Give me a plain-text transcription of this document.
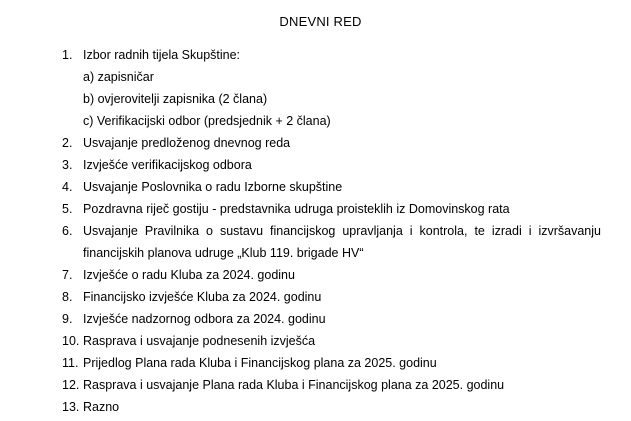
DNEVNI RED
1. Izbor radnih tijela Skupštine:
a) zapisničar
b) ovjerovitelji zapisnika (2 člana)
c) Verifikacijski odbor (predsjednik + 2 člana)
2. Usvajanje predloženog dnevnog reda
3. Izvješće verifikacijskog odbora
4. Usvajanje Poslovnika o radu Izborne skupštine
5. Pozdravna riječ gostiju - predstavnika udruga proisteklih iz Domovinskog rata
6. Usvajanje Pravilnika o sustavu financijskog upravljanja i kontrola, te izradi i izvršavanju financijskih planova udruge „Klub 119. brigade HV“
7. Izvješće o radu Kluba za 2024. godinu
8. Financijsko izvješće Kluba za 2024. godinu
9. Izvješće nadzornog odbora za 2024. godinu
10. Rasprava i usvajanje podnesenih izvješća
11. Prijedlog Plana rada Kluba i Financijskog plana za 2025. godinu
12. Rasprava i usvajanje Plana rada Kluba i Financijskog plana za 2025. godinu
13. Razno
